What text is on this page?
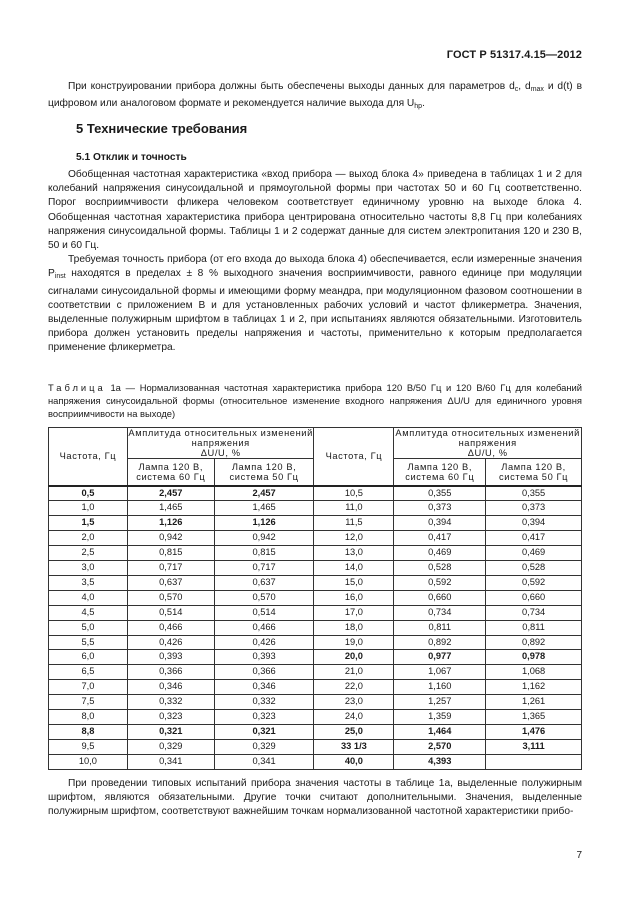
ГОСТ Р 51317.4.15—2012

При конструировании прибора должны быть обеспечены выходы данных для параметров $d_c$, $d_{max}$ и d(t) в цифровом или аналоговом формате и рекомендуется наличие выхода для $U_{hp}$.

5 Технические требования
5.1 Отклик и точность

Обобщенная частотная характеристика «вход прибора — выход блока 4» приведена в таблицах 1 и 2 для колебаний напряжения синусоидальной и прямоугольной формы при частотах 50 и 60 Гц соответственно. Порог восприимчивости фликера человеком соответствует единичному уровню на выходе блока 4. Обобщенная частотная характеристика прибора центрирована относительно частоты 8,8 Гц при колебаниях напряжения синусоидальной формы. Таблицы 1 и 2 содержат данные для систем электропитания 120 и 230 В, 50 и 60 Гц.

Требуемая точность прибора (от его входа до выхода блока 4) обеспечивается, если измеренные значения $P_{inst}$ находятся в пределах ± 8 % выходного значения восприимчивости, равного единице при модуляции сигналами синусоидальной формы и имеющими форму меандра, при модуляционном фазовом соотношении в соответствии с приложением В и для установленных рабочих условий и частот фликерметра. Значения, выделенные полужирным шрифтом в таблицах 1 и 2, при испытаниях являются обязательными. Изготовитель прибора должен установить пределы напряжения и частоты, применительно к которым предполагается применение фликерметра.

Таблица 1а — Нормализованная частотная характеристика прибора 120 В/50 Гц и 120 В/60 Гц для колебаний напряжения синусоидальной формы (относительное изменение входного напряжения ΔU/U для единичного уровня восприимчивости на выходе)
Частота, Гц	Амплитуда относительных изменений напряжения
ΔU/U, %		Частота, Гц	Амплитуда относительных изменений напряжения
ΔU/U, %	
	Лампа 120 В, система 60 Гц	Лампа 120 В, система 50 Гц		Лампа 120 В, система 60 Гц	Лампа 120 В, система 50 Гц
0,5	2,457	2,457	10,5	0,355	0,355
1,0	1,465	1,465	11,0	0,373	0,373
1,5	1,126	1,126	11,5	0,394	0,394
2,0	0,942	0,942	12,0	0,417	0,417
2,5	0,815	0,815	13,0	0,469	0,469
3,0	0,717	0,717	14,0	0,528	0,528
3,5	0,637	0,637	15,0	0,592	0,592
4,0	0,570	0,570	16,0	0,660	0,660
4,5	0,514	0,514	17,0	0,734	0,734
5,0	0,466	0,466	18,0	0,811	0,811
5,5	0,426	0,426	19,0	0,892	0,892
6,0	0,393	0,393	20,0	0,977	0,978
6,5	0,366	0,366	21,0	1,067	1,068
7,0	0,346	0,346	22,0	1,160	1,162
7,5	0,332	0,332	23,0	1,257	1,261
8,0	0,323	0,323	24,0	1,359	1,365
8,8	0,321	0,321	25,0	1,464	1,476
9,5	0,329	0,329	33 1/3	2,570	3,111
10,0	0,341	0,341	40,0	4,393	

При проведении типовых испытаний прибора значения частоты в таблице 1а, выделенные полужирным шрифтом, являются обязательными. Другие точки считают дополнительными. Значения, выделенные полужирным шрифтом, соответствуют важнейшим точкам нормализованной частотной характеристики прибо-

7
